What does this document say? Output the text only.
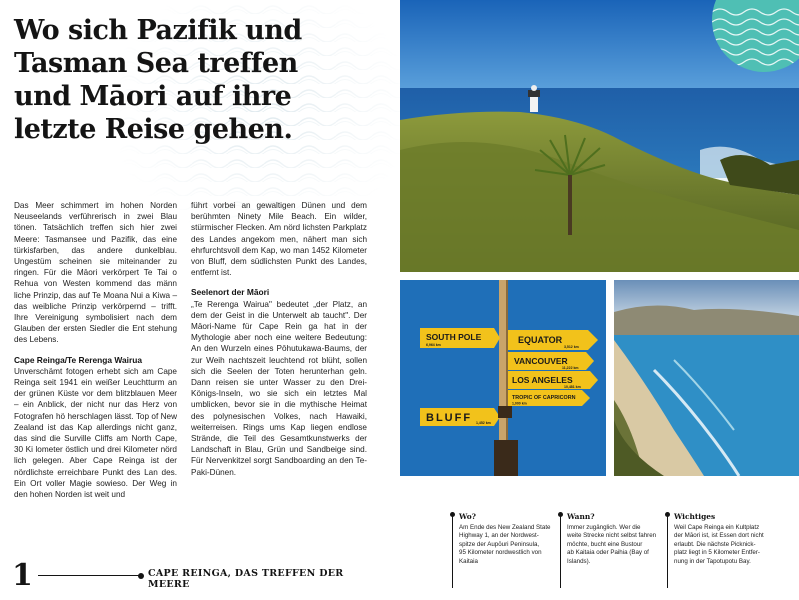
Wo sich Pazifik und
Tasman Sea treffen
und Māori auf ihre
letzte Reise gehen.

Das Meer schimmert im hohen Norden Neuseelands verführerisch in zwei Blau tönen. Tatsächlich treffen sich hier zwei Meere: Tasmansee und Pazifik, das eine türkisfarben, das andere dunkelblau. Ungestüm scheinen sie miteinander zu ringen. Für die Māori verkörpert Te Tai o Rehua von Westen kommend das männ liche Prinzip, das auf Te Moana Nui a Kiwa – das weibliche Prinzip verkörpernd – trifft. Ihre Vereinigung symbolisiert nach dem Glauben der ersten Siedler die Ent stehung des Lebens.

Cape Reinga/Te Rerenga Wairua

Unverschämt fotogen erhebt sich am Cape Reinga seit 1941 ein weißer Leuchtturm an der grünen Küste vor dem blitzblauen Meer – ein Anblick, der nicht nur das Herz von Fotografen hö herschlagen lässt. Top of New Zealand ist das Kap allerdings nicht ganz, das sind die Surville Cliffs am North Cape, 30 Ki lometer östlich und drei Kilometer nörd lich gelegen. Aber Cape Reinga ist der nördlichste erreichbare Punkt des Lan des. Ein Ort voller Magie sowieso. Der Weg in den hohen Norden ist weit und

führt vorbei an gewaltigen Dünen und dem berühmten Ninety Mile Beach. Ein wilder, stürmischer Flecken. Am nörd lichsten Parkplatz des Landes angekom men, nähert man sich ehrfurchtsvoll dem Kap, wo man 1452 Kilometer von Bluff, dem südlichsten Punkt des Landes, entfernt ist.

Seelenort der Māori

„Te Rerenga Wairua" bedeutet „der Platz, an dem der Geist in die Unterwelt ab taucht". Der Māori-Name für Cape Rein ga hat in der Mythologie aber noch eine weitere Bedeutung: An den Wurzeln eines Pōhutukawa-Baums, der zur Weih nachtszeit leuchtend rot blüht, sollen sich die Seelen der Toten herunterhan geln. Dann reisen sie unter Wasser zu den Drei-Königs-Inseln, wo sie sich ein letztes Mal umblicken, bevor sie in die mythische Heimat des polynesischen Volkes, nach Hawaiki, weiterreisen. Rings ums Kap liegen endlose Strände, die Teil des Gesamtkunstwerks der Landschaft in Blau, Grün und Sandbeige sind. Für Nervenkitzel sorgt Sandboarding an den Te-Paki-Dünen.

1	CAPE REINGA, DAS TREFFEN DER MEERE
SOUTH POLE
6,964 km	EQUATOR
3,512 km
VANCOUVER
11,222 km
LOS ANGELES
10,481 km
TROPIC OF CAPRICORN
1,000 km
BLUFF 1,452 km
Wo?
Am Ende des New Zealand State
Highway 1, an der Nordwest-
spitze der Aupōuri Peninsula,
95 Kilometer nordwestlich von
Kaitaia
Wann?
Immer zugänglich. Wer die
weite Strecke nicht selbst fahren
möchte, bucht eine Bustour
ab Kaitaia oder Paihia (Bay of
Islands).
Wichtiges
Weil Cape Reinga ein Kultplatz
der Māori ist, ist Essen dort nicht
erlaubt. Die nächste Picknick-
platz liegt in 5 Kilometer Entfer-
nung in der Tapotupotu Bay.
